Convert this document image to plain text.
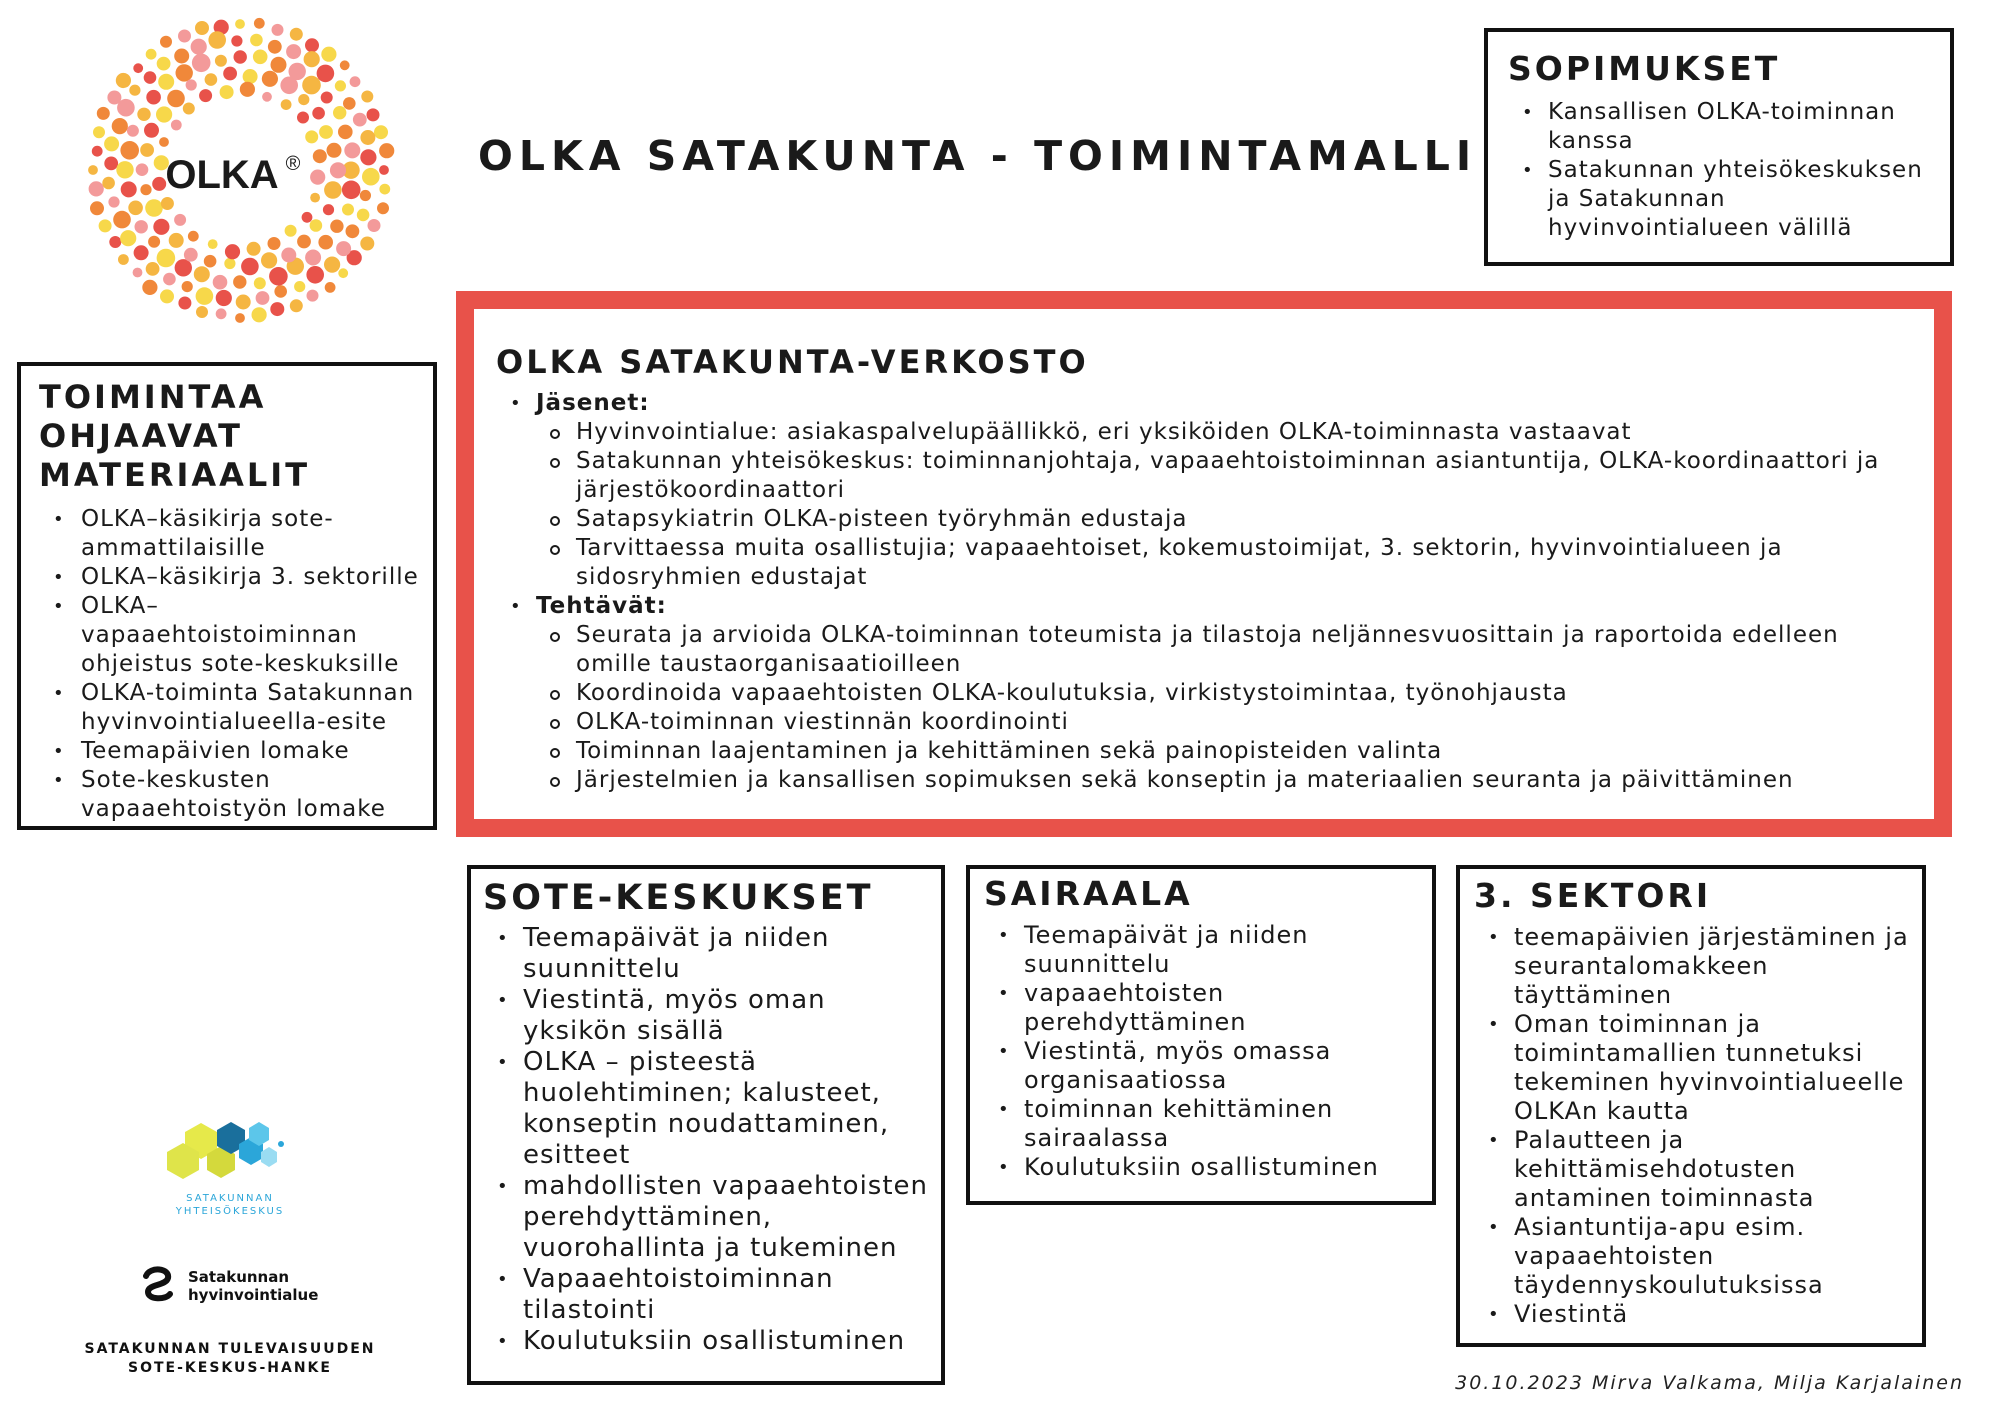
OLKA ®	OLKA SATAKUNTA - TOIMINTAMALLI
SOPIMUKSET
• Kansallisen OLKA-toiminnan kanssa
• Satakunnan yhteisökeskuksen ja Satakunnan hyvinvointialueen välillä
OLKA SATAKUNTA-VERKOSTO
• Jäsenet:
Hyvinvointialue: asiakaspalvelupäällikkö, eri yksiköiden OLKA-toiminnasta vastaavat
Satakunnan yhteisökeskus: toiminnanjohtaja, vapaaehtoistoiminnan asiantuntija, OLKA-koordinaattori ja järjestökoordinaattori
Satapsykiatrin OLKA-pisteen työryhmän edustaja
Tarvittaessa muita osallistujia; vapaaehtoiset, kokemustoimijat, 3. sektorin, hyvinvointialueen ja sidosryhmien edustajat
• Tehtävät:
Seurata ja arvioida OLKA-toiminnan toteumista ja tilastoja neljännesvuosittain ja raportoida edelleen omille taustaorganisaatioilleen
Koordinoida vapaaehtoisten OLKA-koulutuksia, virkistystoimintaa, työnohjausta
OLKA-toiminnan viestinnän koordinointi
Toiminnan laajentaminen ja kehittäminen sekä painopisteiden valinta
Järjestelmien ja kansallisen sopimuksen sekä konseptin ja materiaalien seuranta ja päivittäminen
TOIMINTAA
OHJAAVAT
MATERIAALIT
• OLKA–käsikirja sote-ammattilaisille
• OLKA–käsikirja 3. sektorille
• OLKA–vapaaehtoistoiminnan ohjeistus sote-keskuksille
• OLKA-toiminta Satakunnan hyvinvointialueella-esite
• Teemapäivien lomake
• Sote-keskusten vapaaehtoistyön lomake
SOTE-KESKUKSET
• Teemapäivät ja niiden suunnittelu
• Viestintä, myös oman yksikön sisällä
• OLKA – pisteestä huolehtiminen; kalusteet, konseptin noudattaminen, esitteet
• mahdollisten vapaaehtoisten perehdyttäminen, vuorohallinta ja tukeminen
• Vapaaehtoistoiminnan tilastointi
• Koulutuksiin osallistuminen
SAIRAALA
• Teemapäivät ja niiden suunnittelu
• vapaaehtoisten perehdyttäminen
• Viestintä, myös omassa organisaatiossa
• toiminnan kehittäminen sairaalassa
• Koulutuksiin osallistuminen
3. SEKTORI
• teemapäivien järjestäminen ja seurantalomakkeen täyttäminen
• Oman toiminnan ja toimintamallien tunnetuksi tekeminen hyvinvointialueelle OLKAn kautta
• Palautteen ja kehittämisehdotusten antaminen toiminnasta
• Asiantuntija-apu esim. vapaaehtoisten täydennyskoulutuksissa
• Viestintä
SATAKUNNAN
YHTEISÖKESKUS
Satakunnan
hyvinvointialue
SATAKUNNAN TULEVAISUUDEN
SOTE-KESKUS-HANKE
30.10.2023 Mirva Valkama, Milja Karjalainen
